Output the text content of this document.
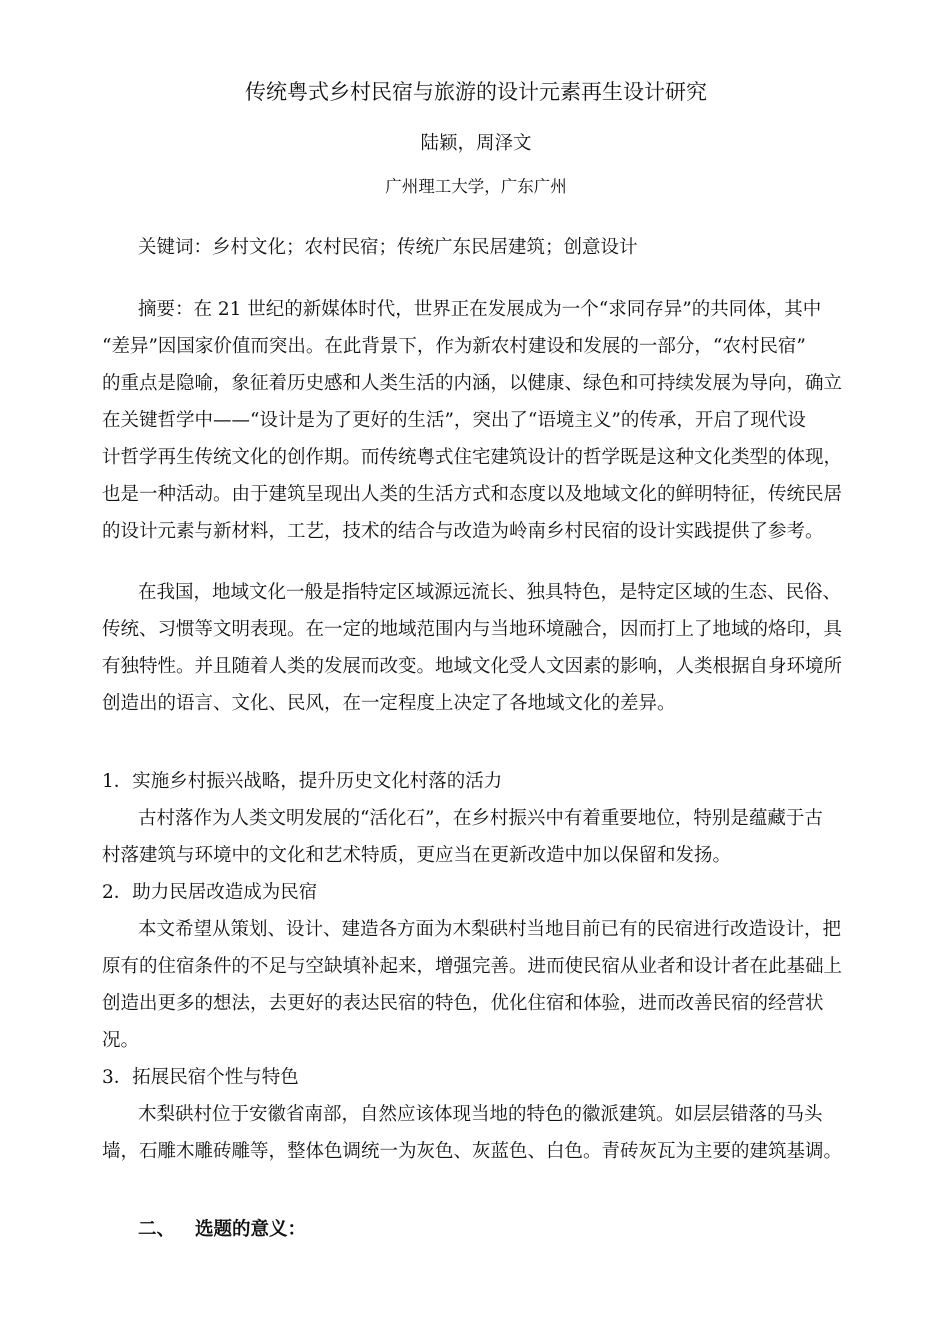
传统粤式乡村民宿与旅游的设计元素再生设计研究
陆颖，周泽文
广州理工大学，广东广州
关键词：乡村文化；农村民宿；传统广东民居建筑；创意设计
摘要：在 21 世纪的新媒体时代，世界正在发展成为一个“求同存异”的共同体，其中
“差异”因国家价值而突出。在此背景下，作为新农村建设和发展的一部分，“农村民宿”
的重点是隐喻，象征着历史感和人类生活的内涵，以健康、绿色和可持续发展为导向，确立
在关键哲学中——“设计是为了更好的生活”，突出了“语境主义”的传承，开启了现代设
计哲学再生传统文化的创作期。而传统粤式住宅建筑设计的哲学既是这种文化类型的体现，
也是一种活动。由于建筑呈现出人类的生活方式和态度以及地域文化的鲜明特征，传统民居
的设计元素与新材料，工艺，技术的结合与改造为岭南乡村民宿的设计实践提供了参考。
在我国，地域文化一般是指特定区域源远流长、独具特色，是特定区域的生态、民俗、
传统、习惯等文明表现。在一定的地域范围内与当地环境融合，因而打上了地域的烙印，具
有独特性。并且随着人类的发展而改变。地域文化受人文因素的影响，人类根据自身环境所
创造出的语言、文化、民风，在一定程度上决定了各地域文化的差异。
1．实施乡村振兴战略，提升历史文化村落的活力
古村落作为人类文明发展的“活化石”，在乡村振兴中有着重要地位，特别是蕴藏于古
村落建筑与环境中的文化和艺术特质，更应当在更新改造中加以保留和发扬。
2．助力民居改造成为民宿
本文希望从策划、设计、建造各方面为木梨硔村当地目前已有的民宿进行改造设计，把
原有的住宿条件的不足与空缺填补起来，增强完善。进而使民宿从业者和设计者在此基础上
创造出更多的想法，去更好的表达民宿的特色，优化住宿和体验，进而改善民宿的经营状
况。
3．拓展民宿个性与特色
木梨硔村位于安徽省南部，自然应该体现当地的特色的徽派建筑。如层层错落的马头
墙，石雕木雕砖雕等，整体色调统一为灰色、灰蓝色、白色。青砖灰瓦为主要的建筑基调。
二、 选题的意义：
